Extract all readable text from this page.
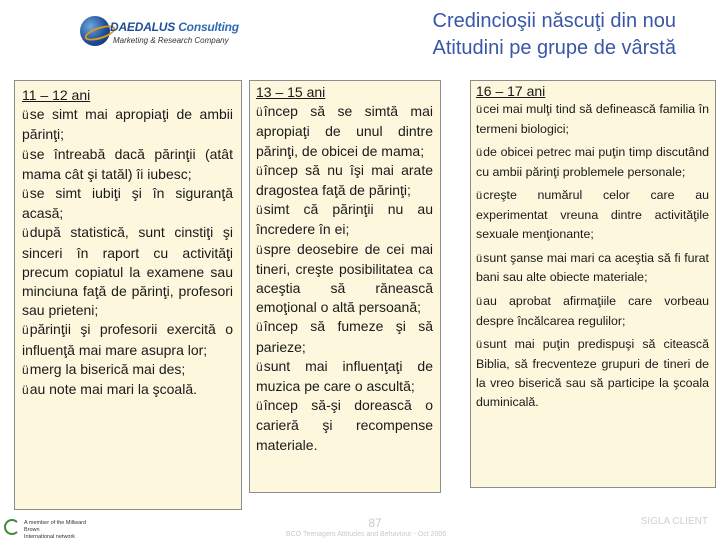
DAEDALUS Consulting
Marketing & Research Company
Credincioşii născuţi din nou
Atitudini pe grupe de vârstă
11 – 12 ani
üse simt mai apropiaţi de ambii părinţi;
üse întreabă dacă părinţii (atât mama cât şi tatăl) îi iubesc;
üse simt iubiţi şi în siguranţă acasă;
üdupă statistică, sunt cinstiţi şi sinceri în raport cu activităţi precum copiatul la examene sau minciuna faţă de părinţi, profesori sau prieteni;
üpărinţii şi profesorii exercită o influenţă mai mare asupra lor;
ümerg la biserică mai des;
üau note mai mari la şcoală.
13 – 15 ani
üîncep să se simtă mai apropiaţi de unul dintre părinţi, de obicei de mama;
üîncep să nu îşi mai arate dragostea faţă de părinţi;
üsimt că părinţii nu au încredere în ei;
üspre deosebire de cei mai tineri, creşte posibilitatea ca aceştia să rănească emoţional o altă persoană;
üîncep să fumeze şi să parieze;
üsunt mai influenţaţi de muzica pe care o ascultă;
üîncep să-şi dorească o carieră şi recompense materiale.
16 – 17 ani
ücei mai mulţi tind să definească familia în termeni biologici;
üde obicei petrec mai puţin timp discutând cu ambii părinţi problemele personale;
ücreşte numărul celor care au experimentat vreuna dintre activităţile sexuale menţionante;
üsunt şanse mai mari ca aceştia să fi furat bani sau alte obiecte materiale;
üau aprobat afirmaţiile care vorbeau despre încălcarea regulilor;
üsunt mai puţin predispuşi să citească Biblia, să frecventeze grupuri de tineri de la vreo biserică sau să participe la şcoala duminicală.
A member of the Millward Brown
International network
87
BCO Teenagers Attitudes and Behaviour - Oct 2006
SIGLA CLIENT
